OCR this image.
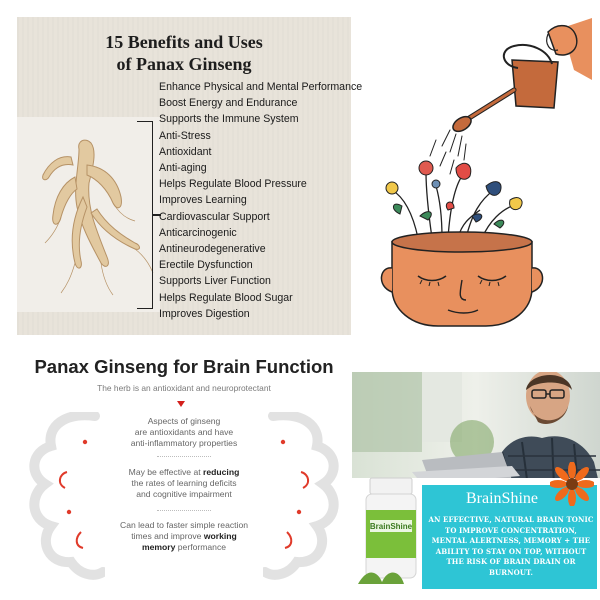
15 Benefits and Uses
of Panax Ginseng
Enhance Physical and Mental Performance
Boost Energy and Endurance
Supports the Immune System
Anti-Stress
Antioxidant
Anti-aging
Helps Regulate Blood Pressure
Improves Learning
Cardiovascular Support
Anticarcinogenic
Antineurodegenerative
Erectile Dysfunction
Supports Liver Function
Helps Regulate Blood Sugar
Improves Digestion
Panax Ginseng for Brain Function
The herb is an antioxidant and neuroprotectant
Aspects of ginseng
are antioxidants and have
anti-inflammatory properties
May be effective at reducing
the rates of learning deficits
and cognitive impairment
Can lead to faster simple reaction
times and improve working
memory performance
BrainShine
BrainShine
AN EFFECTIVE, NATURAL BRAIN TONIC TO IMPROVE CONCENTRATION, MENTAL ALERTNESS, MEMORY + THE ABILITY TO STAY ON TOP, WITHOUT THE RISK OF BRAIN DRAIN OR BURNOUT.
